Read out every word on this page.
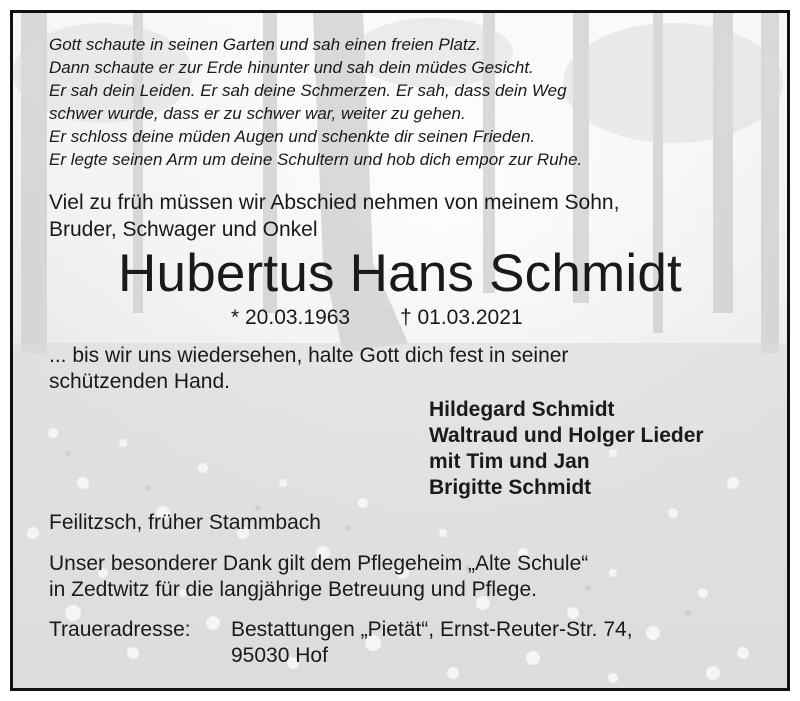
Gott schaute in seinen Garten und sah einen freien Platz.
Dann schaute er zur Erde hinunter und sah dein müdes Gesicht.
Er sah dein Leiden. Er sah deine Schmerzen. Er sah, dass dein Weg
schwer wurde, dass er zu schwer war, weiter zu gehen.
Er schloss deine müden Augen und schenkte dir seinen Frieden.
Er legte seinen Arm um deine Schultern und hob dich empor zur Ruhe.

Viel zu früh müssen wir Abschied nehmen von meinem Sohn,
Bruder, Schwager und Onkel
Hubertus Hans Schmidt
* 20.03.1963 † 01.03.2021
... bis wir uns wiedersehen, halte Gott dich fest in seiner
schützenden Hand.
Hildegard Schmidt
Waltraud und Holger Lieder
mit Tim und Jan
Brigitte Schmidt
Feilitzsch, früher Stammbach
Unser besonderer Dank gilt dem Pflegeheim „Alte Schule“
in Zedtwitz für die langjährige Betreuung und Pflege.
Traueradresse: Bestattungen „Pietät“, Ernst-Reuter-Str. 74,
95030 Hof
